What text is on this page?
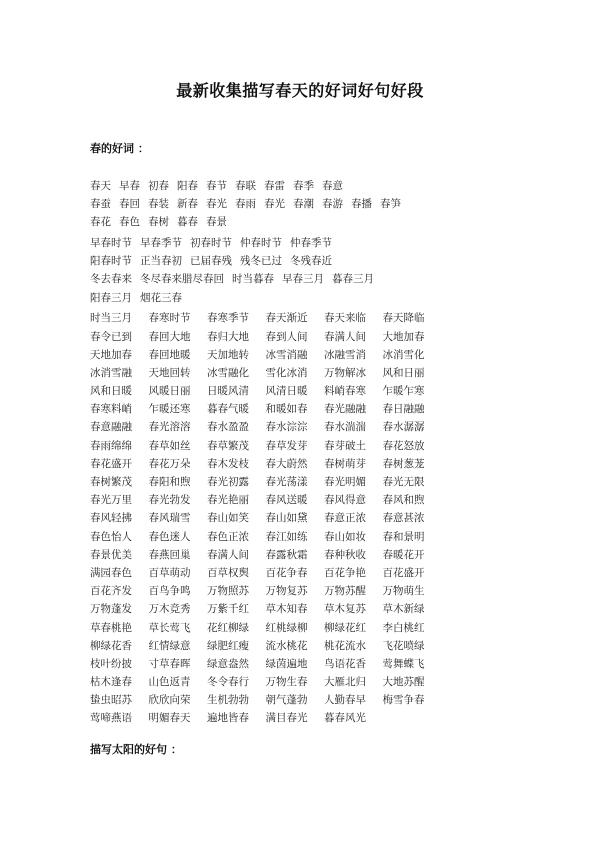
最新收集描写春天的好词好句好段
春的好词 ：
春天 早春 初春 阳春 春节 春联 春雷 春季 春意
春蚕 春回 春装 新春 春光 春雨 春光 春潮 春游 春播 春笋
春花 春色 春树 暮春 春景
早春时节 早春季节 初春时节 仲春时节 仲春季节
阳春时节 正当春初 已届春残 残冬已过 冬残春近
冬去春来 冬尽春来腊尽春回 时当暮春 早春三月 暮春三月
阳春三月 烟花三春
时当三月 春寒时节 春寒季节 春天渐近 春天来临 春天降临
春令已到 春回大地 春归大地 春到人间 春满人间 大地加春
天地加春 春回地暖 天加地转 冰雪消融 冰融雪消 冰消雪化
冰消雪融 天地回转 冰雪融化 雪化冰消 万物解冰 风和日丽
风和日暖 风暖日丽 日暖风清 风清日暖 料峭春寒 乍暖乍寒
春寒料峭 乍暖还寒 暮春气暖 和暖如春 春光融融 春日融融
春意融融 春光溶溶 春水盈盈 春水淙淙 春水湍湍 春水潺潺
春雨绵绵 春草如丝 春草繁茂 春草发芽 春芽破土 春花怒放
春花盛开 春花万朵 春木发枝 春大蔚然 春树萌芽 春树葱茏
春树繁茂 春阳和煦 春光初露 春光荡漾 春光明媚 春光无限
春光万里 春光勃发 春光艳丽 春风送暖 春风得意 春风和煦
春风轻拂 春风瑞雪 春山如笑 春山如黛 春意正浓 春意甚浓
春色怡人 春色迷人 春色正浓 春江如练 春山如妆 春和景明
春景优美 春燕回巢 春满人间 春露秋霜 春种秋收 春暖花开
满园春色 百草萌动 百草权舆 百花争春 百花争艳 百花盛开
百花齐发 百鸟争鸣 万物照苏 万物复苏 万物苏醒 万物萌生
万物蓬发 万木竞秀 万紫千红 草木知春 草木复苏 草木新绿
草春桃艳 草长莺飞 花红柳绿 红桃绿柳 柳绿花红 李白桃红
柳绿花香 红情绿意 绿肥红瘦 流水桃花 桃花流水 飞花喷绿
枝叶纷披 寸草春晖 绿意盎然 绿茵遍地 鸟语花香 莺舞蝶飞
枯木逢春 山色返青 冬令春行 万物生春 大雁北归 大地苏醒
蛰虫昭苏 欣欣向荣 生机勃勃 朝气蓬勃 人勤春早 梅雪争春
莺啼燕语 明媚春天 遍地皆春 满目春光 暮春风光
描写太阳的好句 ：
